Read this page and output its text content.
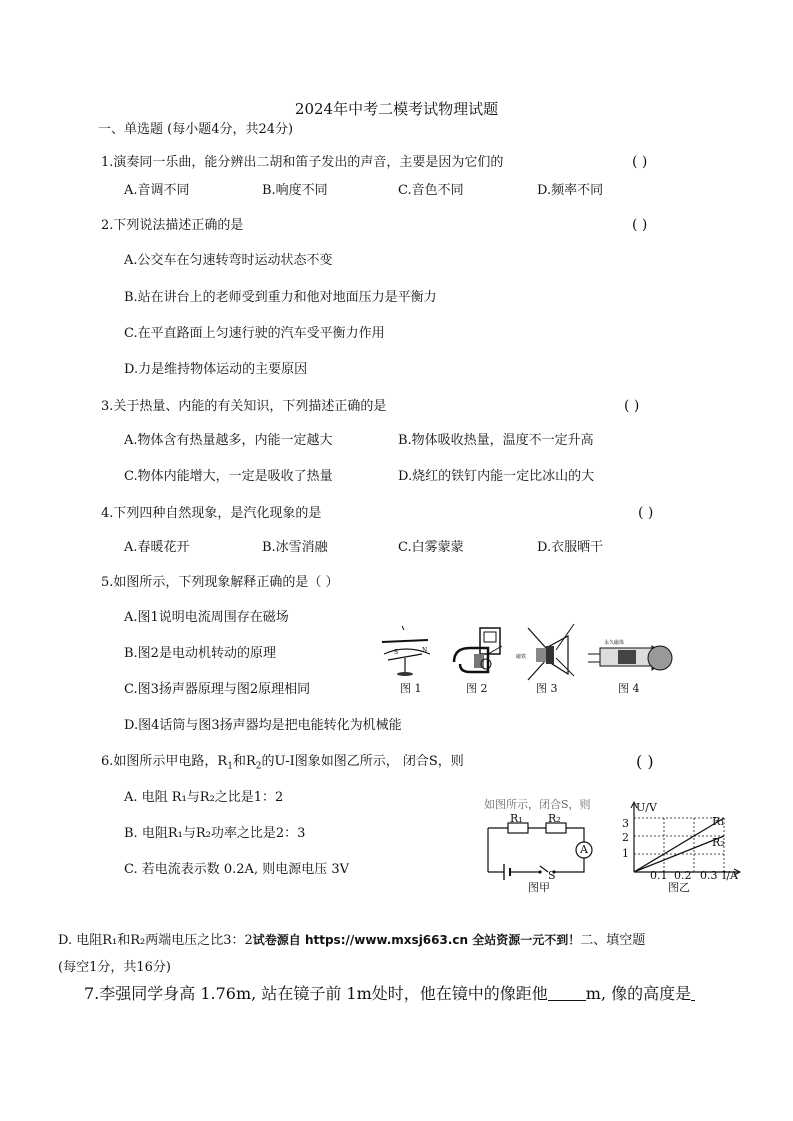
2024年中考二模考试物理试题
一、单选题 (每小题4分，共24分)
1.演奏同一乐曲，能分辨出二胡和笛子发出的声音，主要是因为它们的	( )
A.音调不同	B.响度不同	C.音色不同	D.频率不同
2.下列说法描述正确的是	( )
A.公交车在匀速转弯时运动状态不变
B.站在讲台上的老师受到重力和他对地面压力是平衡力
C.在平直路面上匀速行驶的汽车受平衡力作用
D.力是维持物体运动的主要原因
3.关于热量、内能的有关知识，下列描述正确的是	( )
A.物体含有热量越多，内能一定越大	B.物体吸收热量，温度不一定升高
C.物体内能增大，一定是吸收了热量	D.烧红的铁钉内能一定比冰山的大
4.下列四种自然现象，是汽化现象的是	( )
A.春暖花开	B.冰雪消融	C.白雾蒙蒙	D.衣服晒干
5.如图所示，下列现象解释正确的是（ ）
A.图1说明电流周围存在磁场
B.图2是电动机转动的原理
C.图3扬声器原理与图2原理相同
D.图4话筒与图3扬声器均是把电能转化为机械能
S	N
磁铁
永久磁体
图 1	图 2	图 3	图 4
6.如图所示甲电路，$R_1$和$R_2$的U-I图象如图乙所示， 闭合S，则	( )
A. 电阻 R₁与R₂之比是1：2
B. 电阻R₁与R₂功率之比是2：3
C. 若电流表示数 0.2A, 则电源电压 3V
如图所示，闭合S，则
R₁ R₂
A
S
图甲
U/V
3
2
1
0.1 0.2 0.3 I/A
R₁
R₂
图乙
D. 电阻R₁和R₂两端电压之比3：2试卷源自 https://www.mxsj663.cn 全站资源一元不到！二、填空题
(每空1分，共16分)
7.李强同学身高 1.76m, 站在镜子前 1m处时，他在镜中的像距他 m, 像的高度是
